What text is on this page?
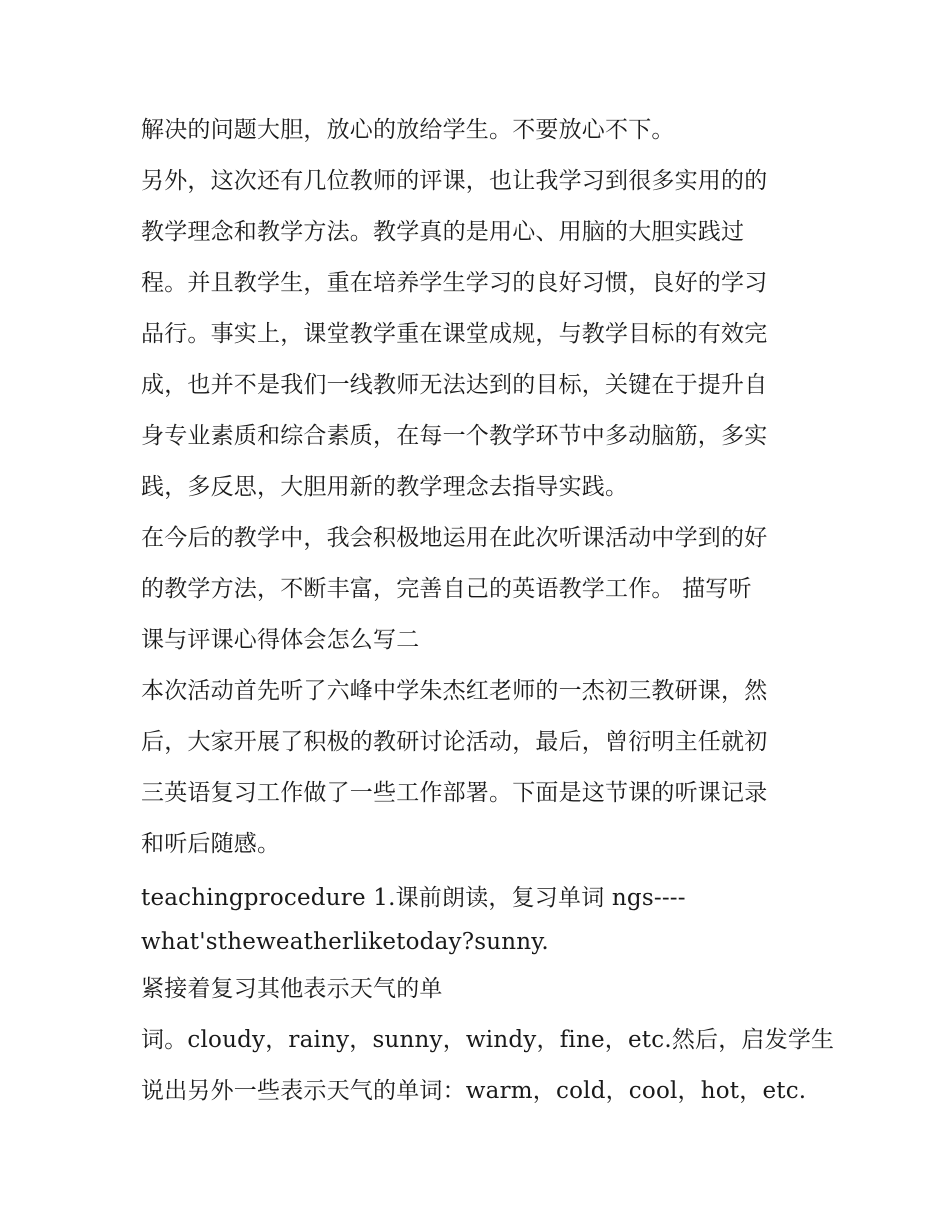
解决的问题大胆，放心的放给学生。不要放心不下。
另外，这次还有几位教师的评课，也让我学习到很多实用的的
教学理念和教学方法。教学真的是用心、用脑的大胆实践过
程。并且教学生，重在培养学生学习的良好习惯，良好的学习
品行。事实上，课堂教学重在课堂成规，与教学目标的有效完
成，也并不是我们一线教师无法达到的目标，关键在于提升自
身专业素质和综合素质，在每一个教学环节中多动脑筋，多实
践，多反思，大胆用新的教学理念去指导实践。
在今后的教学中，我会积极地运用在此次听课活动中学到的好
的教学方法，不断丰富，完善自己的英语教学工作。 描写听
课与评课心得体会怎么写二
本次活动首先听了六峰中学朱杰红老师的一杰初三教研课，然
后，大家开展了积极的教研讨论活动，最后，曾衍明主任就初
三英语复习工作做了一些工作部署。下面是这节课的听课记录
和听后随感。
teachingprocedure 1.课前朗读，复习单词 ngs----
what'stheweatherliketoday?sunny.
紧接着复习其他表示天气的单
词。cloudy，rainy，sunny，windy，fine，etc.然后，启发学生
说出另外一些表示天气的单词：warm，cold，cool，hot，etc.
